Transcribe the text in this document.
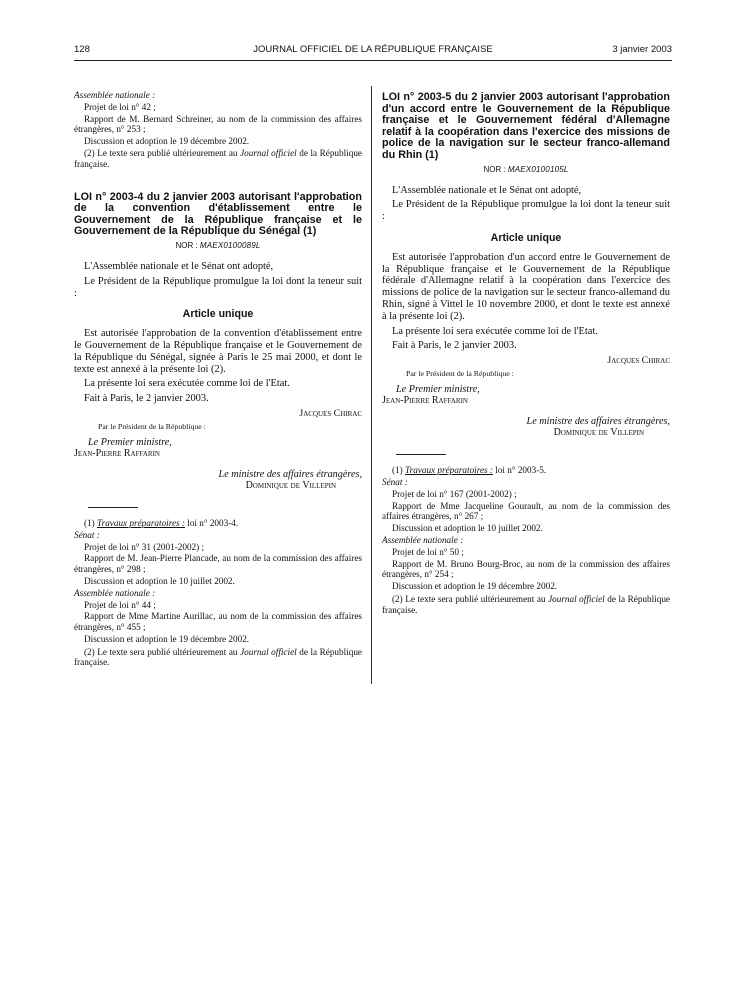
128	JOURNAL OFFICIEL DE LA RÉPUBLIQUE FRANÇAISE	3 janvier 2003

Assemblée nationale :

Projet de loi n° 42 ;

Rapport de M. Bernard Schreiner, au nom de la commission des affaires étrangères, n° 253 ;

Discussion et adoption le 19 décembre 2002.

(2) Le texte sera publié ultérieurement au Journal officiel de la République française.

LOI n° 2003-4 du 2 janvier 2003 autorisant l'approbation de la convention d'établissement entre le Gouvernement de la République française et le Gouvernement de la République du Sénégal (1)
NOR : MAEX0100089L

L'Assemblée nationale et le Sénat ont adopté,

Le Président de la République promulgue la loi dont la teneur suit :

Article unique

Est autorisée l'approbation de la convention d'établissement entre le Gouvernement de la République française et le Gouvernement de la République du Sénégal, signée à Paris le 25 mai 2000, et dont le texte est annexé à la présente loi (2).

La présente loi sera exécutée comme loi de l'Etat.

Fait à Paris, le 2 janvier 2003.

Jacques Chirac
Par le Président de la République :
Le Premier ministre,
Jean-Pierre Raffarin
Le ministre des affaires étrangères,
Dominique de Villepin

(1) Travaux préparatoires : loi n° 2003-4.

Sénat :

Projet de loi n° 31 (2001-2002) ;

Rapport de M. Jean-Pierre Plancade, au nom de la commission des affaires étrangères, n° 298 ;

Discussion et adoption le 10 juillet 2002.

Assemblée nationale :

Projet de loi n° 44 ;

Rapport de Mme Martine Aurillac, au nom de la commission des affaires étrangères, n° 455 ;

Discussion et adoption le 19 décembre 2002.

(2) Le texte sera publié ultérieurement au Journal officiel de la République française.

LOI n° 2003-5 du 2 janvier 2003 autorisant l'approbation d'un accord entre le Gouvernement de la République française et le Gouvernement fédéral d'Allemagne relatif à la coopération dans l'exercice des missions de police de la navigation sur le secteur franco-allemand du Rhin (1)
NOR : MAEX0100105L

L'Assemblée nationale et le Sénat ont adopté,

Le Président de la République promulgue la loi dont la teneur suit :

Article unique

Est autorisée l'approbation d'un accord entre le Gouvernement de la République française et le Gouvernement de la République fédérale d'Allemagne relatif à la coopération dans l'exercice des missions de police de la navigation sur le secteur franco-allemand du Rhin, signé à Vittel le 10 novembre 2000, et dont le texte est annexé à la présente loi (2).

La présente loi sera exécutée comme loi de l'Etat.

Fait à Paris, le 2 janvier 2003.

Jacques Chirac
Par le Président de la République :
Le Premier ministre,
Jean-Pierre Raffarin
Le ministre des affaires étrangères,
Dominique de Villepin

(1) Travaux préparatoires : loi n° 2003-5.

Sénat :

Projet de loi n° 167 (2001-2002) ;

Rapport de Mme Jacqueline Gourault, au nom de la commission des affaires étrangères, n° 267 ;

Discussion et adoption le 10 juillet 2002.

Assemblée nationale :

Projet de loi n° 50 ;

Rapport de M. Bruno Bourg-Broc, au nom de la commission des affaires étrangères, n° 254 ;

Discussion et adoption le 19 décembre 2002.

(2) Le texte sera publié ultérieurement au Journal officiel de la République française.
